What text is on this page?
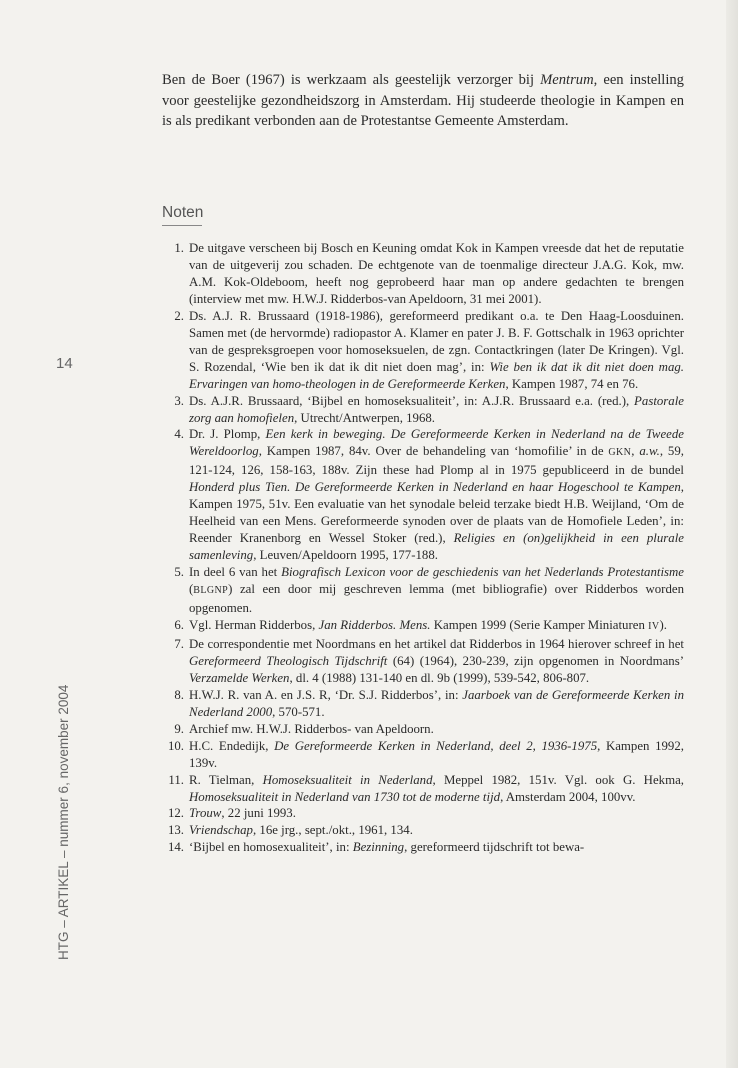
14
HTG – ARTIKEL – nummer 6, november 2004
Ben de Boer (1967) is werkzaam als geestelijk verzorger bij Mentrum, een instelling voor geestelijke gezondheidszorg in Amsterdam. Hij studeerde theologie in Kampen en is als predikant verbonden aan de Protestantse Gemeente Amsterdam.
Noten
1. De uitgave verscheen bij Bosch en Keuning omdat Kok in Kampen vreesde dat het de reputatie van de uitgeverij zou schaden. De echtgenote van de toenmalige directeur J.A.G. Kok, mw. A.M. Kok-Oldeboom, heeft nog geprobeerd haar man op andere gedachten te brengen (interview met mw. H.W.J. Ridderbos-van Apeldoorn, 31 mei 2001).
2. Ds. A.J. R. Brussaard (1918-1986), gereformeerd predikant o.a. te Den Haag-Loosduinen. Samen met (de hervormde) radiopastor A. Klamer en pater J. B. F. Gottschalk in 1963 oprichter van de gespreksgroepen voor homoseksuelen, de zgn. Contactkringen (later De Kringen). Vgl. S. Rozendal, ‘Wie ben ik dat ik dit niet doen mag’, in: Wie ben ik dat ik dit niet doen mag. Ervaringen van homo-theologen in de Gereformeerde Kerken, Kampen 1987, 74 en 76.
3. Ds. A.J.R. Brussaard, ‘Bijbel en homoseksualiteit’, in: A.J.R. Brussaard e.a. (red.), Pastorale zorg aan homofielen, Utrecht/Antwerpen, 1968.
4. Dr. J. Plomp, Een kerk in beweging. De Gereformeerde Kerken in Nederland na de Tweede Wereldoorlog, Kampen 1987, 84v. Over de behandeling van ‘homofilie’ in de GKN, a.w., 59, 121-124, 126, 158-163, 188v. Zijn these had Plomp al in 1975 gepubliceerd in de bundel Honderd plus Tien. De Gereformeerde Kerken in Nederland en haar Hogeschool te Kampen, Kampen 1975, 51v. Een evaluatie van het synodale beleid terzake biedt H.B. Weijland, ‘Om de Heelheid van een Mens. Gereformeerde synoden over de plaats van de Homofiele Leden’, in: Reender Kranenborg en Wessel Stoker (red.), Religies en (on)gelijkheid in een plurale samenleving, Leuven/Apeldoorn 1995, 177-188.
5. In deel 6 van het Biografisch Lexicon voor de geschiedenis van het Nederlands Protestantisme (BLGNP) zal een door mij geschreven lemma (met bibliografie) over Ridderbos worden opgenomen.
6. Vgl. Herman Ridderbos, Jan Ridderbos. Mens. Kampen 1999 (Serie Kamper Miniaturen IV).
7. De correspondentie met Noordmans en het artikel dat Ridderbos in 1964 hierover schreef in het Gereformeerd Theologisch Tijdschrift (64) (1964), 230-239, zijn opgenomen in Noordmans’ Verzamelde Werken, dl. 4 (1988) 131-140 en dl. 9b (1999), 539-542, 806-807.
8. H.W.J. R. van A. en J.S. R, ‘Dr. S.J. Ridderbos’, in: Jaarboek van de Gereformeerde Kerken in Nederland 2000, 570-571.
9. Archief mw. H.W.J. Ridderbos- van Apeldoorn.
10. H.C. Endedijk, De Gereformeerde Kerken in Nederland, deel 2, 1936-1975, Kampen 1992, 139v.
11. R. Tielman, Homoseksualiteit in Nederland, Meppel 1982, 151v. Vgl. ook G. Hekma, Homoseksualiteit in Nederland van 1730 tot de moderne tijd, Amsterdam 2004, 100vv.
12. Trouw, 22 juni 1993.
13. Vriendschap, 16e jrg., sept./okt., 1961, 134.
14. ‘Bijbel en homosexualiteit’, in: Bezinning, gereformeerd tijdschrift tot bewa-
